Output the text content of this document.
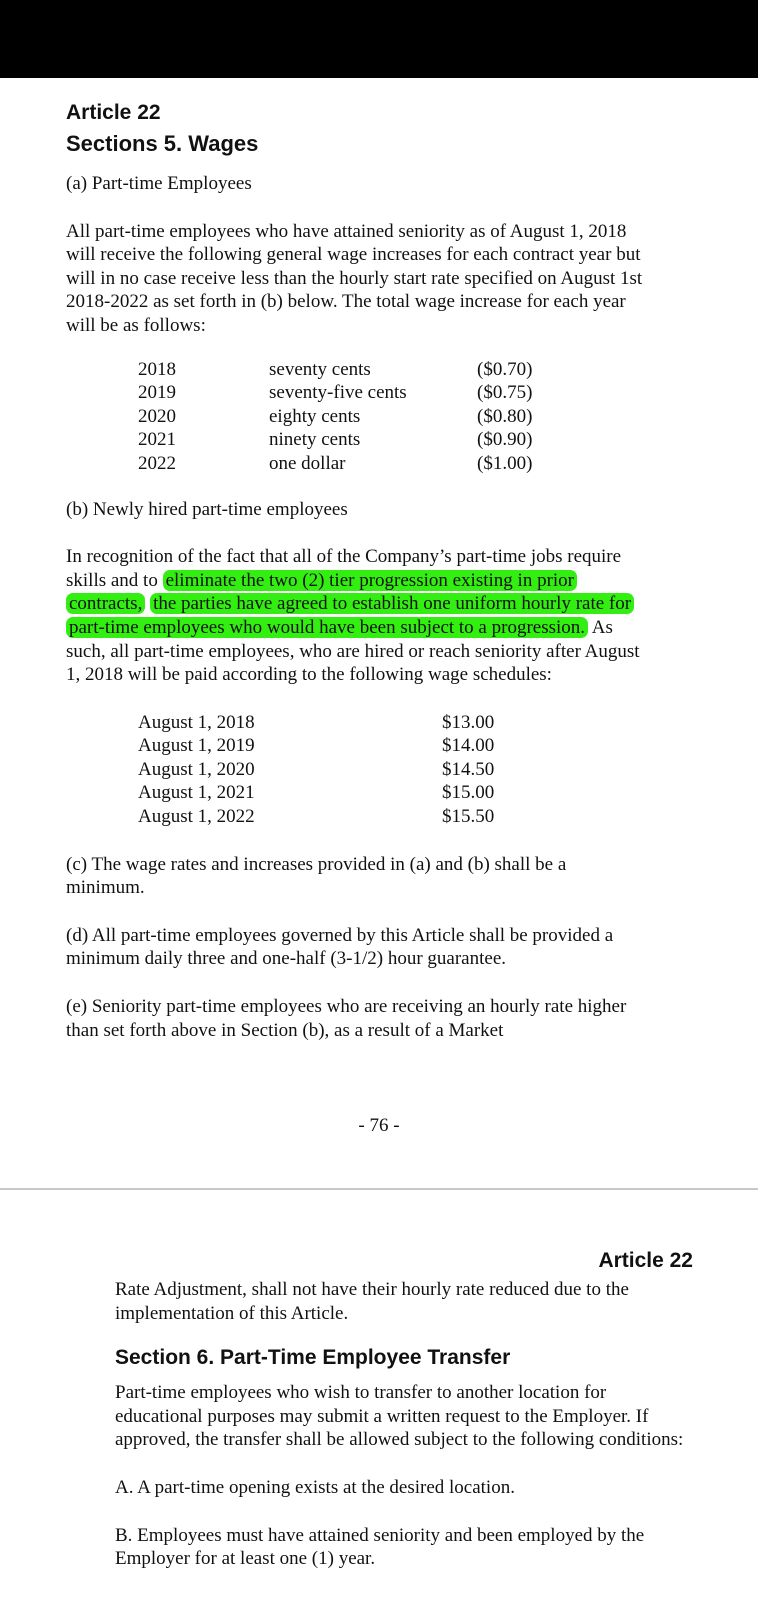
Article 22
Sections 5. Wages

(a) Part-time Employees

All part-time employees who have attained seniority as of August 1, 2018 will receive the following general wage increases for each contract year but will in no case receive less than the hourly start rate specified on August 1st 2018-2022 as set forth in (b) below. The total wage increase for each year will be as follows:

2018	seventy cents	($0.70)
2019	seventy-five cents	($0.75)
2020	eighty cents	($0.80)
2021	ninety cents	($0.90)
2022	one dollar	($1.00)

(b) Newly hired part-time employees

In recognition of the fact that all of the Company’s part-time jobs require skills and to eliminate the two (2) tier progression existing in prior contracts, the parties have agreed to establish one uniform hourly rate for part-time employees who would have been subject to a progression. As such, all part-time employees, who are hired or reach seniority after August 1, 2018 will be paid according to the following wage schedules:

August 1, 2018	$13.00
August 1, 2019	$14.00
August 1, 2020	$14.50
August 1, 2021	$15.00
August 1, 2022	$15.50

(c) The wage rates and increases provided in (a) and (b) shall be a minimum.

(d) All part-time employees governed by this Article shall be provided a minimum daily three and one-half (3-1/2) hour guarantee.

(e) Seniority part-time employees who are receiving an hourly rate higher than set forth above in Section (b), as a result of a Market

- 76 -
Article 22

Rate Adjustment, shall not have their hourly rate reduced due to the implementation of this Article.

Section 6. Part-Time Employee Transfer

Part-time employees who wish to transfer to another location for educational purposes may submit a written request to the Employer. If approved, the transfer shall be allowed subject to the following conditions:

A. A part-time opening exists at the desired location.

B. Employees must have attained seniority and been employed by the Employer for at least one (1) year.
